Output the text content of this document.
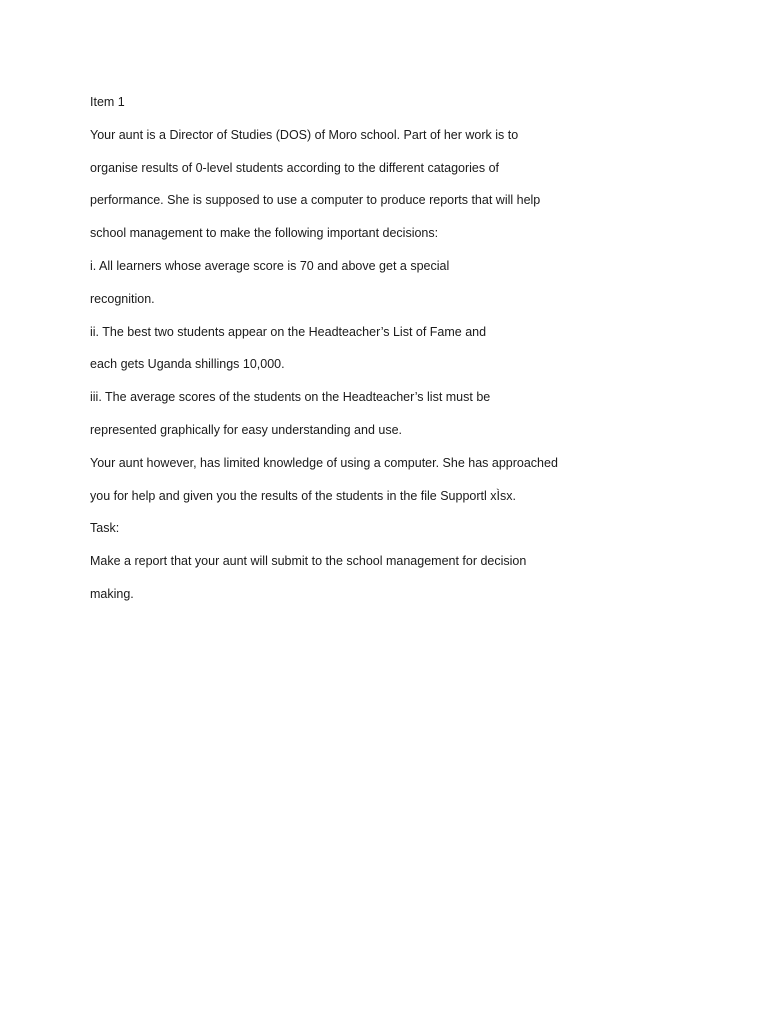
Item 1

Your aunt is a Director of Studies (DOS) of Moro school. Part of her work is to

organise results of 0-level students according to the different catagories of

performance. She is supposed to use a computer to produce reports that will help

school management to make the following important decisions:

i. All learners whose average score is 70 and above get a special

recognition.

ii. The best two students appear on the Headteacher’s List of Fame and

each gets Uganda shillings 10,000.

iii. The average scores of the students on the Headteacher’s list must be

represented graphically for easy understanding and use.

Your aunt however, has limited knowledge of using a computer. She has approached

you for help and given you the results of the students in the file Supportl xÌsx.

Task:

Make a report that your aunt will submit to the school management for decision

making.
